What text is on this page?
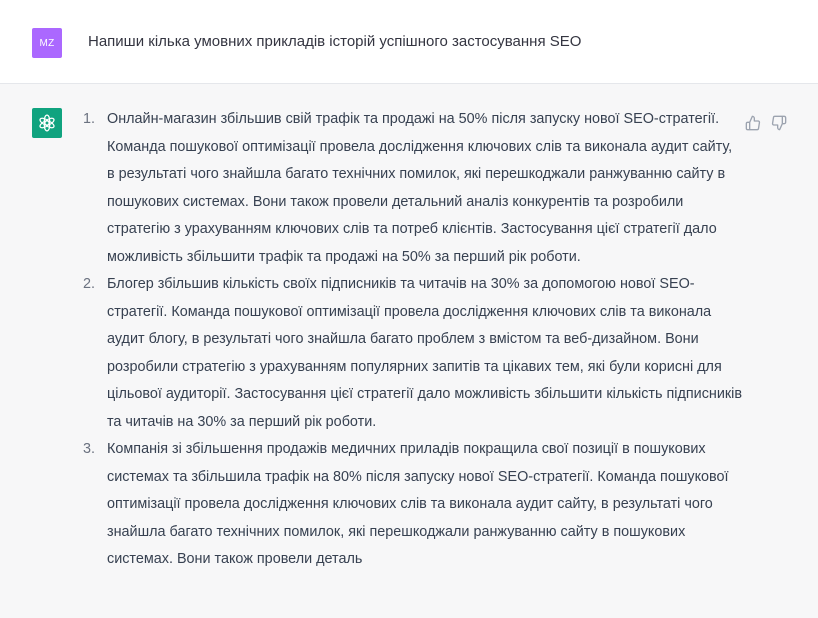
MZ Напиши кілька умовних прикладів історій успішного застосування SEO
1. Онлайн-магазин збільшив свій трафік та продажі на 50% після запуску нової SEO-стратегії. Команда пошукової оптимізації провела дослідження ключових слів та виконала аудит сайту, в результаті чого знайшла багато технічних помилок, які перешкоджали ранжуванню сайту в пошукових системах. Вони також провели детальний аналіз конкурентів та розробили стратегію з урахуванням ключових слів та потреб клієнтів. Застосування цієї стратегії дало можливість збільшити трафік та продажі на 50% за перший рік роботи.
2. Блогер збільшив кількість своїх підписників та читачів на 30% за допомогою нової SEO-стратегії. Команда пошукової оптимізації провела дослідження ключових слів та виконала аудит блогу, в результаті чого знайшла багато проблем з вмістом та веб-дизайном. Вони розробили стратегію з урахуванням популярних запитів та цікавих тем, які були корисні для цільової аудиторії. Застосування цієї стратегії дало можливість збільшити кількість підписників та читачів на 30% за перший рік роботи.
3. Компанія зі збільшення продажів медичних приладів покращила свої позиції в пошукових системах та збільшила трафік на 80% після запуску нової SEO-стратегії. Команда пошукової оптимізації провела дослідження ключових слів та виконала аудит сайту, в результаті чого знайшла багато технічних помилок, які перешкоджали ранжуванню сайту в пошукових системах. Вони також провели деталь
